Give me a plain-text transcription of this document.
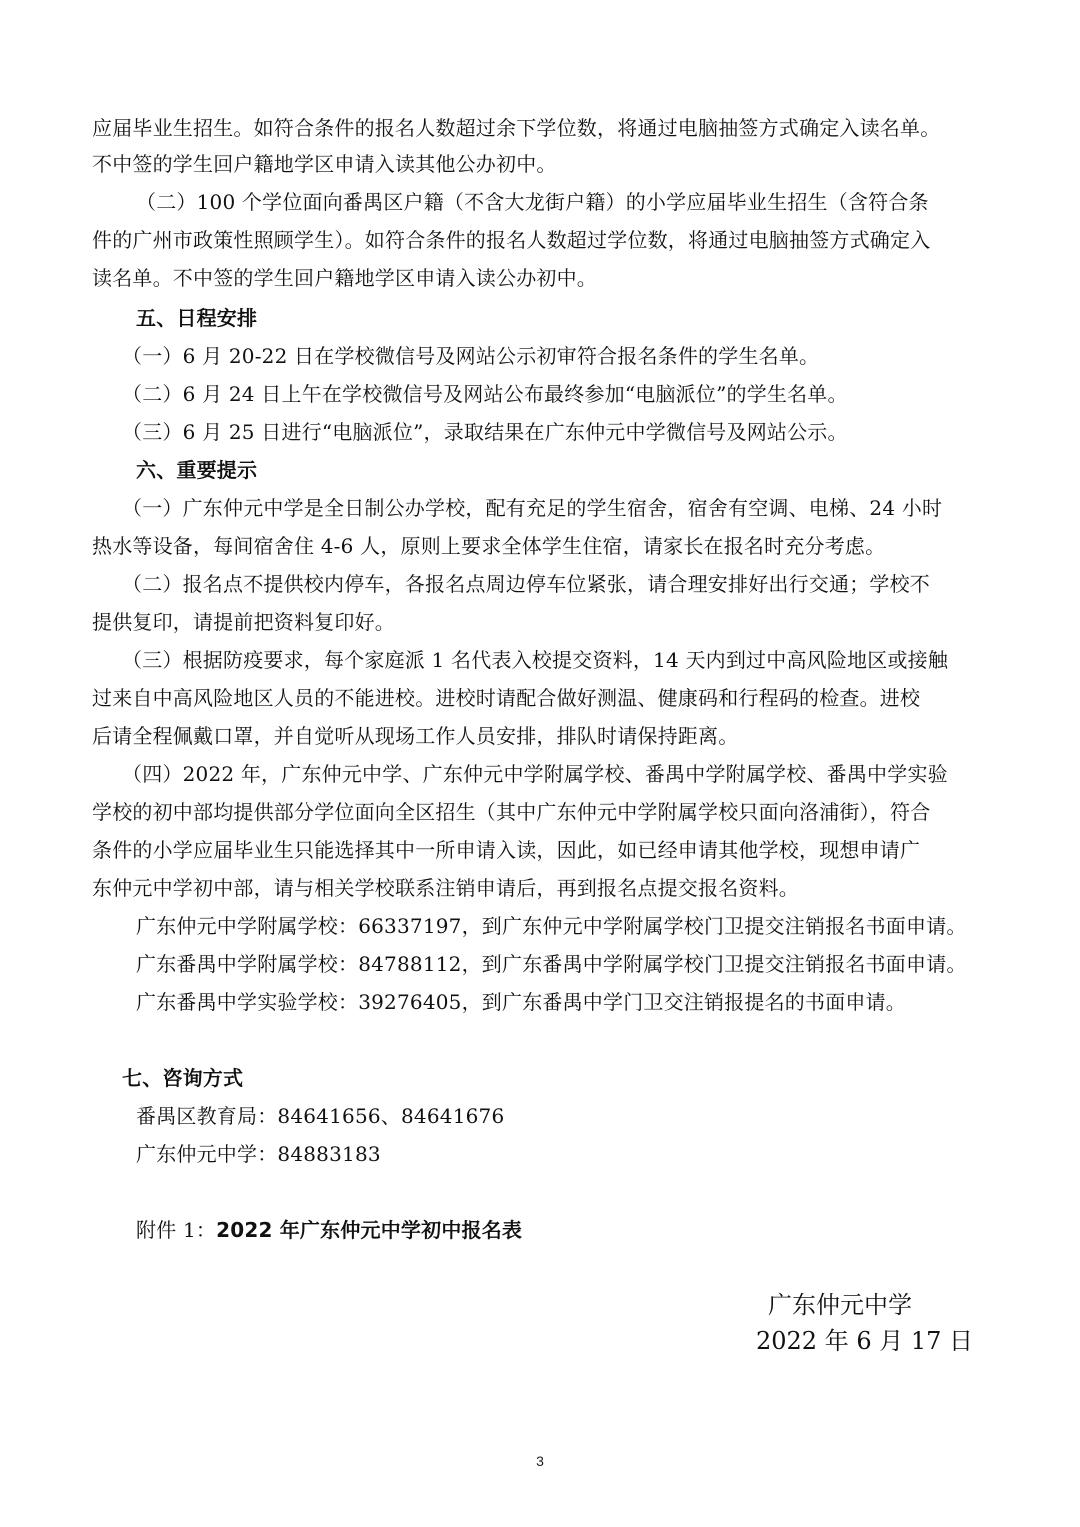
应届毕业生招生。如符合条件的报名人数超过余下学位数，将通过电脑抽签方式确定入读名单。
不中签的学生回户籍地学区申请入读其他公办初中。
（二）100 个学位面向番禺区户籍（不含大龙街户籍）的小学应届毕业生招生（含符合条
件的广州市政策性照顾学生）。如符合条件的报名人数超过学位数，将通过电脑抽签方式确定入
读名单。不中签的学生回户籍地学区申请入读公办初中。
五、日程安排
（一）6 月 20-22 日在学校微信号及网站公示初审符合报名条件的学生名单。
（二）6 月 24 日上午在学校微信号及网站公布最终参加“电脑派位”的学生名单。
（三）6 月 25 日进行“电脑派位”，录取结果在广东仲元中学微信号及网站公示。
六、重要提示
（一）广东仲元中学是全日制公办学校，配有充足的学生宿舍，宿舍有空调、电梯、24 小时
热水等设备，每间宿舍住 4-6 人，原则上要求全体学生住宿，请家长在报名时充分考虑。
（二）报名点不提供校内停车，各报名点周边停车位紧张，请合理安排好出行交通；学校不
提供复印，请提前把资料复印好。
（三）根据防疫要求，每个家庭派 1 名代表入校提交资料，14 天内到过中高风险地区或接触
过来自中高风险地区人员的不能进校。进校时请配合做好测温、健康码和行程码的检查。进校
后请全程佩戴口罩，并自觉听从现场工作人员安排，排队时请保持距离。
（四）2022 年，广东仲元中学、广东仲元中学附属学校、番禺中学附属学校、番禺中学实验
学校的初中部均提供部分学位面向全区招生（其中广东仲元中学附属学校只面向洛浦街），符合
条件的小学应届毕业生只能选择其中一所申请入读，因此，如已经申请其他学校，现想申请广
东仲元中学初中部，请与相关学校联系注销申请后，再到报名点提交报名资料。
广东仲元中学附属学校：66337197，到广东仲元中学附属学校门卫提交注销报名书面申请。
广东番禺中学附属学校：84788112，到广东番禺中学附属学校门卫提交注销报名书面申请。
广东番禺中学实验学校：39276405，到广东番禺中学门卫交注销报提名的书面申请。
七、咨询方式
番禺区教育局：84641656、84641676
广东仲元中学：84883183
附件 1：2022 年广东仲元中学初中报名表
广东仲元中学
2022 年 6 月 17 日
3
